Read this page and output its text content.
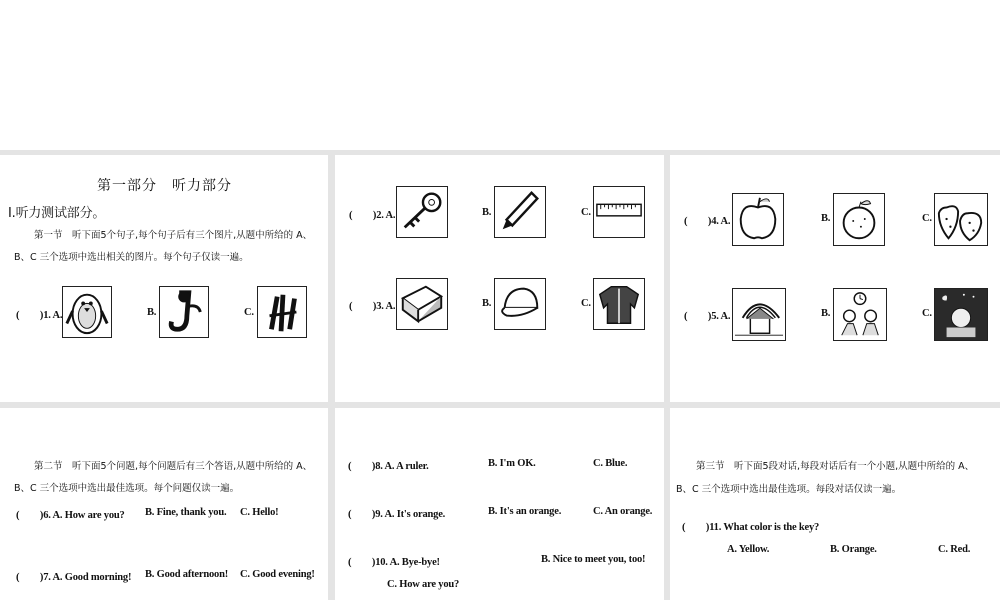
第一部分　听力部分
Ⅰ.听力测试部分。
第一节　听下面5个句子,每个句子后有三个图片,从题中所给的 A、
B、C 三个选项中选出相关的图片。每个句子仅读一遍。
(　　)1. A.	B.	C.
(　　)2. A.	B.	C.
(　　)3. A.	B.	C.
(　　)4. A.	B.	C.
(　　)5. A.	B.	C.
第二节　听下面5个问题,每个问题后有三个答语,从题中所给的 A、
B、C 三个选项中选出最佳选项。每个问题仅读一遍。
(　　)6. A. How are you? B. Fine, thank you. C. Hello!
(　　)7. A. Good morning! B. Good afternoon! C. Good evening!
(　　)8. A. A ruler.	B. I'm OK.	C. Blue.
(　　)9. A. It's orange.	B. It's an orange.	C. An orange.
(　　)10. A. Bye-bye!	B. Nice to meet you, too!
C. How are you?
第三节　听下面5段对话,每段对话后有一个小题,从题中所给的 A、
B、C 三个选项中选出最佳选项。每段对话仅读一遍。
(　　)11. What color is the key?
A. Yellow.	B. Orange.	C. Red.
